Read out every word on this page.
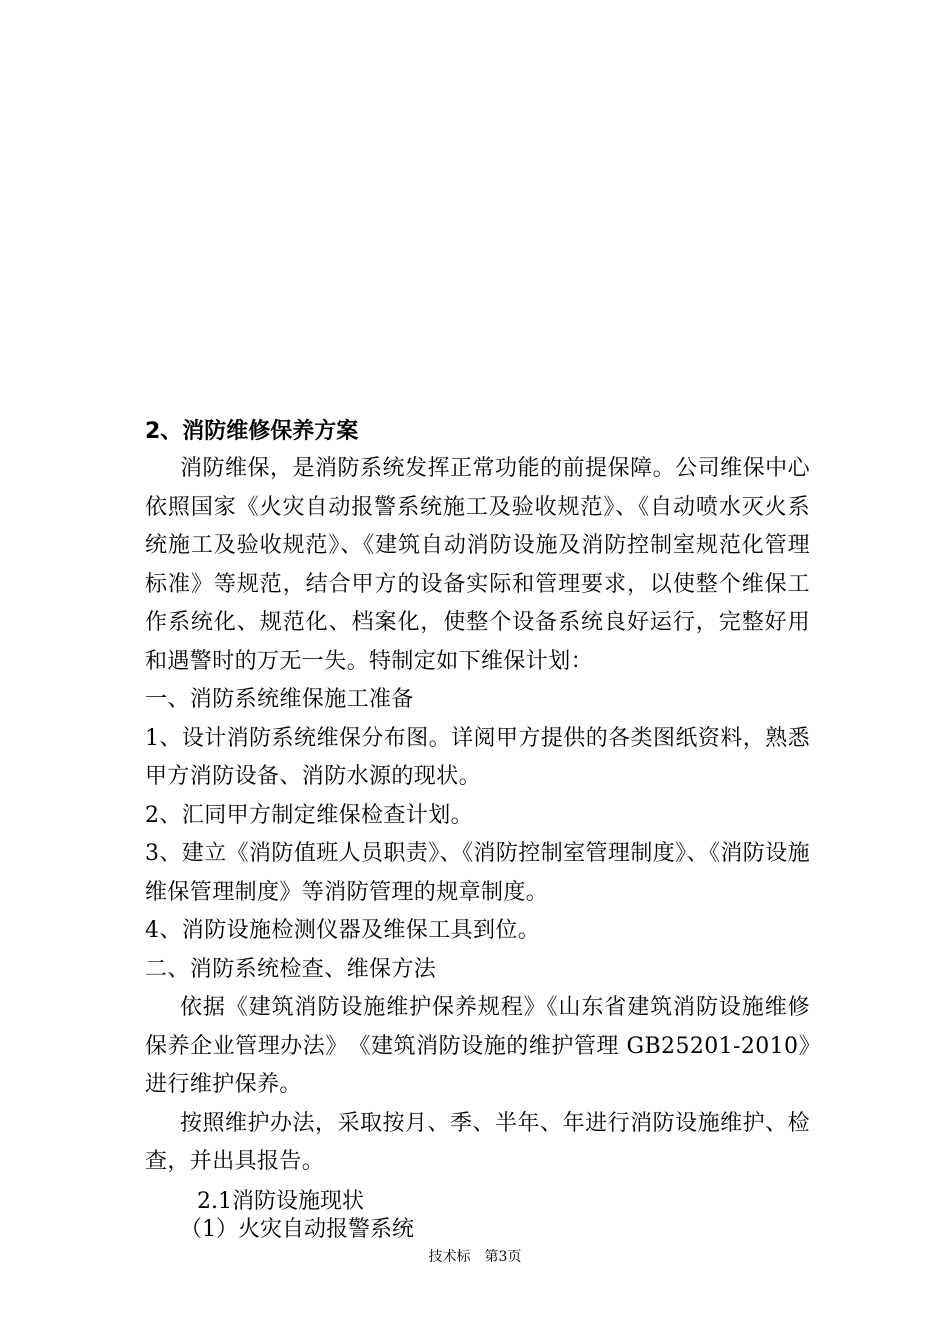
2、消防维修保养方案

消防维保，是消防系统发挥正常功能的前提保障。公司维保中心依照国家《火灾自动报警系统施工及验收规范》、《自动喷水灭火系统施工及验收规范》、《建筑自动消防设施及消防控制室规范化管理标准》等规范，结合甲方的设备实际和管理要求，以使整个维保工作系统化、规范化、档案化，使整个设备系统良好运行，完整好用和遇警时的万无一失。特制定如下维保计划：

一、消防系统维保施工准备

1、设计消防系统维保分布图。详阅甲方提供的各类图纸资料，熟悉甲方消防设备、消防水源的现状。

2、汇同甲方制定维保检查计划。

3、建立《消防值班人员职责》、《消防控制室管理制度》、《消防设施维保管理制度》等消防管理的规章制度。

4、消防设施检测仪器及维保工具到位。

二、消防系统检查、维保方法

依据《建筑消防设施维护保养规程》《山东省建筑消防设施维修保养企业管理办法》　《建筑消防设施的维护管理 GB25201-2010》进行维护保养。

按照维护办法，采取按月、季、半年、年进行消防设施维护、检查，并出具报告。

2.1消防设施现状

（1）火灾自动报警系统

技术标　第3页
